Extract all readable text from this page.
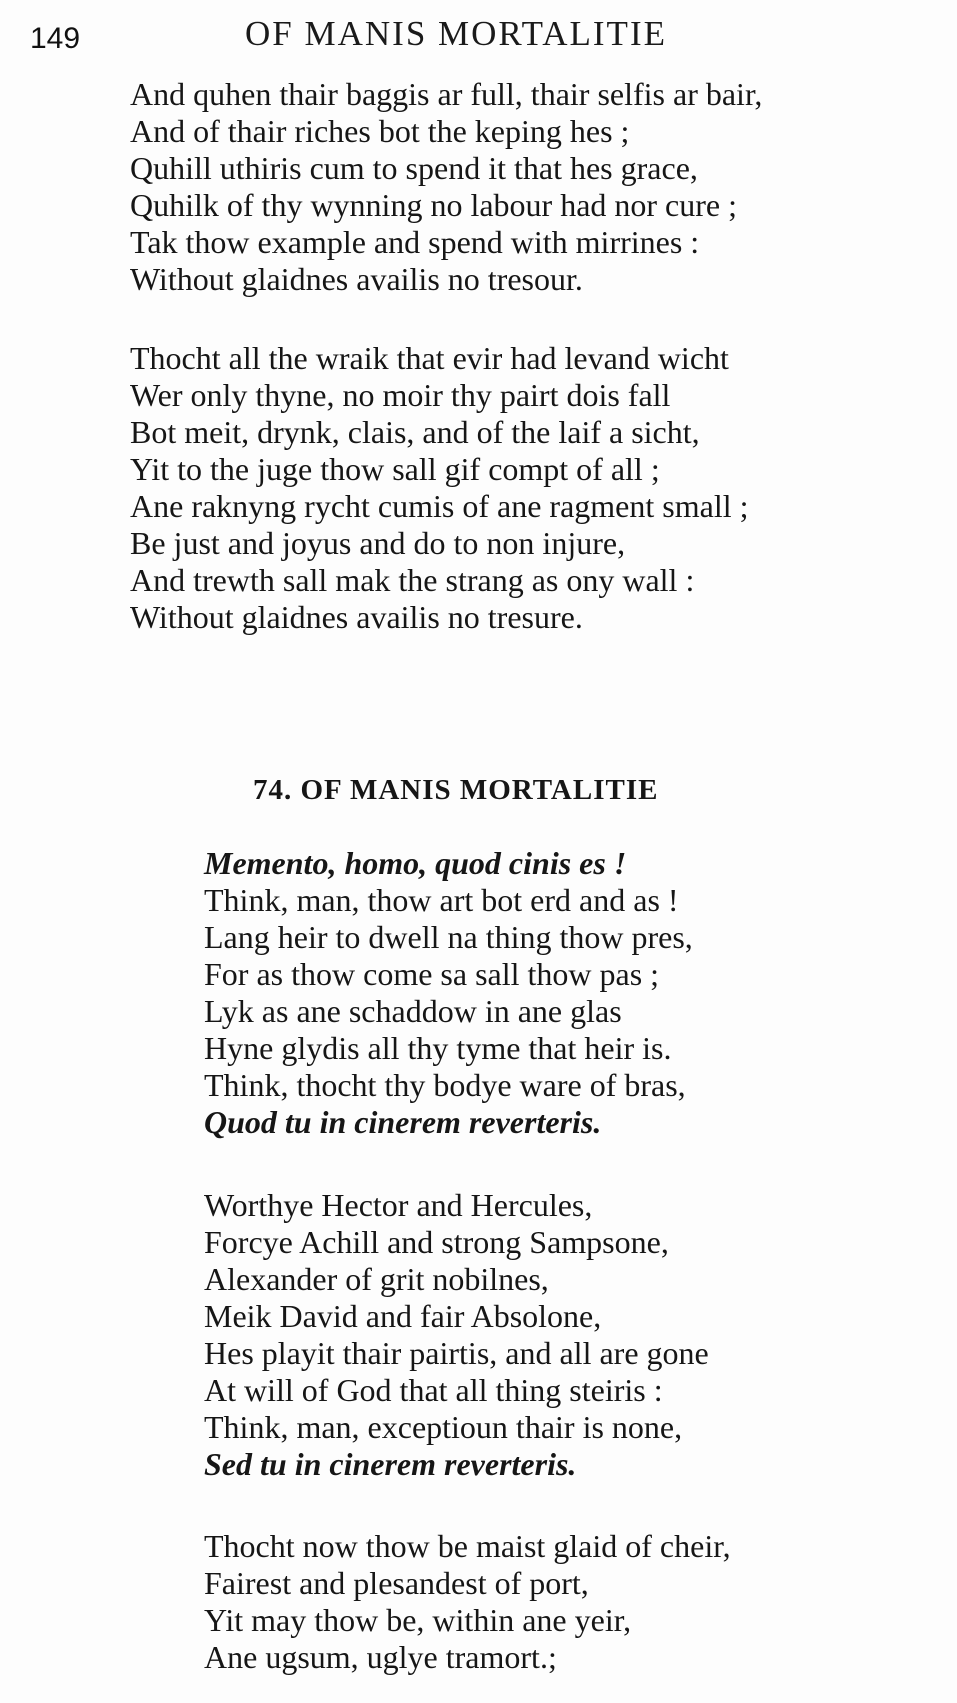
149	OF MANIS MORTALITIE
And quhen thair baggis ar full, thair selfis ar bair,
And of thair riches bot the keping hes ;
Quhill uthiris cum to spend it that hes grace,
Quhilk of thy wynning no labour had nor cure ;
Tak thow example and spend with mirrines :
Without glaidnes availis no tresour.
Thocht all the wraik that evir had levand wicht
Wer only thyne, no moir thy pairt dois fall
Bot meit, drynk, clais, and of the laif a sicht,
Yit to the juge thow sall gif compt of all ;
Ane raknyng rycht cumis of ane ragment small ;
Be just and joyus and do to non injure,
And trewth sall mak the strang as ony wall :
Without glaidnes availis no tresure.
74. OF MANIS MORTALITIE
Memento, homo, quod cinis es !
Think, man, thow art bot erd and as !
Lang heir to dwell na thing thow pres,
For as thow come sa sall thow pas ;
Lyk as ane schaddow in ane glas
Hyne glydis all thy tyme that heir is.
Think, thocht thy bodye ware of bras,
Quod tu in cinerem reverteris.
Worthye Hector and Hercules,
Forcye Achill and strong Sampsone,
Alexander of grit nobilnes,
Meik David and fair Absolone,
Hes playit thair pairtis, and all are gone
At will of God that all thing steiris :
Think, man, exceptioun thair is none,
Sed tu in cinerem reverteris.
Thocht now thow be maist glaid of cheir,
Fairest and plesandest of port,
Yit may thow be, within ane yeir,
Ane ugsum, uglye tramort.;
